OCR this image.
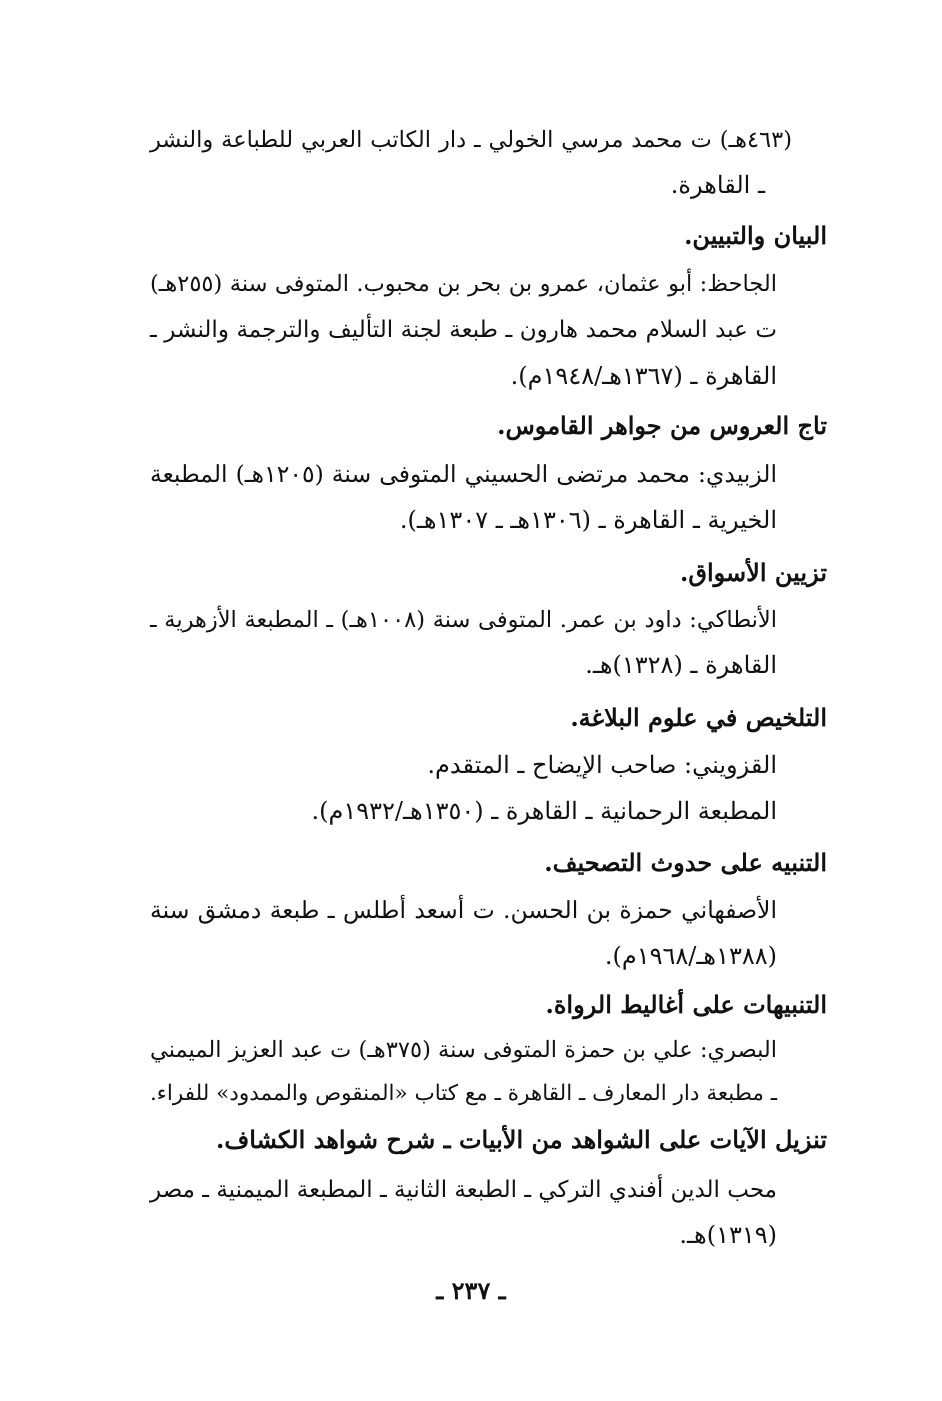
(٤٦٣هـ) ت محمد مرسي الخولي ـ دار الكاتب العربي للطباعة والنشر
ـ القاهرة.
البيان والتبيين.
الجاحظ: أبو عثمان، عمرو بن بحر بن محبوب. المتوفى سنة (٢٥٥هـ)
ت عبد السلام محمد هارون ـ طبعة لجنة التأليف والترجمة والنشر ـ
القاهرة ـ (١٣٦٧هـ/١٩٤٨م).
تاج العروس من جواهر القاموس.
الزبيدي: محمد مرتضى الحسيني المتوفى سنة (١٢٠٥هـ) المطبعة
الخيرية ـ القاهرة ـ (١٣٠٦هـ ـ ١٣٠٧هـ).
تزيين الأسواق.
الأنطاكي: داود بن عمر. المتوفى سنة (١٠٠٨هـ) ـ المطبعة الأزهرية ـ
القاهرة ـ (١٣٢٨)هـ.
التلخيص في علوم البلاغة.
القزويني: صاحب الإيضاح ـ المتقدم.
المطبعة الرحمانية ـ القاهرة ـ (١٣٥٠هـ/١٩٣٢م).
التنبيه على حدوث التصحيف.
الأصفهاني حمزة بن الحسن. ت أسعد أطلس ـ طبعة دمشق سنة
(١٣٨٨هـ/١٩٦٨م).
التنبيهات على أغاليط الرواة.
البصري: علي بن حمزة المتوفى سنة (٣٧٥هـ) ت عبد العزيز الميمني
ـ مطبعة دار المعارف ـ القاهرة ـ مع كتاب «المنقوص والممدود» للفراء.
تنزيل الآيات على الشواهد من الأبيات ـ شرح شواهد الكشاف.
محب الدين أفندي التركي ـ الطبعة الثانية ـ المطبعة الميمنية ـ مصر
(١٣١٩)هـ.
ـ ٢٣٧ ـ
